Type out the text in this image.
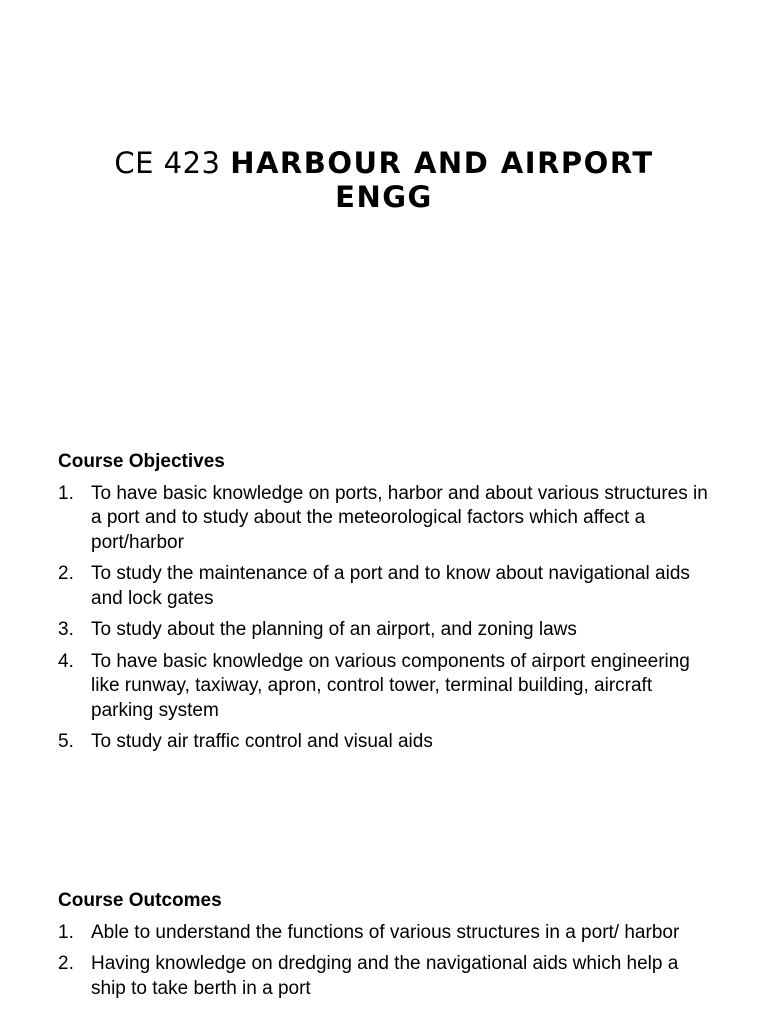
CE 423 HARBOUR AND AIRPORT
ENGG
Course Objectives
1. To have basic knowledge on ports, harbor and about various structures in a port and to study about the meteorological factors which affect a port/harbor
2. To study the maintenance of a port and to know about navigational aids and lock gates
3. To study about the planning of an airport, and zoning laws
4. To have basic knowledge on various components of airport engineering like runway, taxiway, apron, control tower, terminal building, aircraft parking system
5. To study air traffic control and visual aids
Course Outcomes
1. Able to understand the functions of various structures in a port/ harbor
2. Having knowledge on dredging and the navigational aids which help a ship to take berth in a port
